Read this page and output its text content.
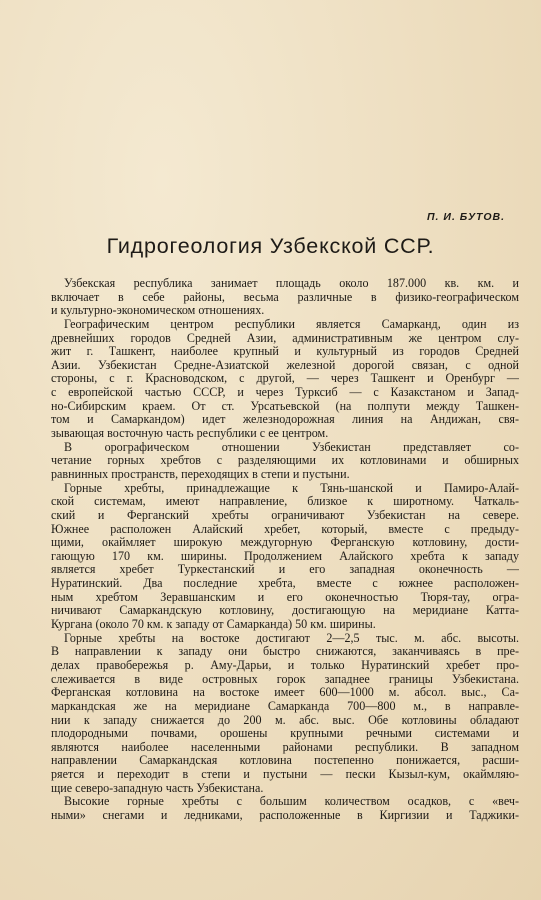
П. И. БУТОВ.
Гидрогеология Узбекской ССР.
Узбекская республика занимает площадь около 187.000 кв. км. и
включает в себе районы, весьма различные в физико-географическом
и культурно-экономическом отношениях.
Географическим центром республики является Самарканд, один из
древнейших городов Средней Азии, административным же центром слу-
жит г. Ташкент, наиболее крупный и культурный из городов Средней
Азии. Узбекистан Средне-Азиатской железной дорогой связан, с одной
стороны, с г. Красноводском, с другой, — через Ташкент и Оренбург —
с европейской частью СССР, и через Турксиб — с Казакстаном и Запад-
но-Сибирским краем. От ст. Урсатьевской (на полпути между Ташкен-
том и Самаркандом) идет железнодорожная линия на Андижан, свя-
зывающая восточную часть республики с ее центром.
В орографическом отношении Узбекистан представляет со-
четание горных хребтов с разделяющими их котловинами и обширных
равнинных пространств, переходящих в степи и пустыни.
Горные хребты, принадлежащие к Тянь-шанской и Памиро-Алай-
ской системам, имеют направление, близкое к широтному. Чаткаль-
ский и Ферганский хребты ограничивают Узбекистан на севере.
Южнее расположен Алайский хребет, который, вместе с предыду-
щими, окаймляет широкую междугорную Ферганскую котловину, дости-
гающую 170 км. ширины. Продолжением Алайского хребта к западу
является хребет Туркестанский и его западная оконечность —
Нуратинский. Два последние хребта, вместе с южнее расположен-
ным хребтом Зеравшанским и его оконечностью Тюря-тау, огра-
ничивают Самаркандскую котловину, достигающую на меридиане Катта-
Кургана (около 70 км. к западу от Самарканда) 50 км. ширины.
Горные хребты на востоке достигают 2—2,5 тыс. м. абс. высоты.
В направлении к западу они быстро снижаются, заканчиваясь в пре-
делах правобережья р. Аму-Дарьи, и только Нуратинский хребет про-
слеживается в виде островных горок западнее границы Узбекистана.
Ферганская котловина на востоке имеет 600—1000 м. абсол. выс., Са-
маркандская же на меридиане Самарканда 700—800 м., в направле-
нии к западу снижается до 200 м. абс. выс. Обе котловины обладают
плодородными почвами, орошены крупными речными системами и
являются наиболее населенными районами республики. В западном
направлении Самаркандская котловина постепенно понижается, расши-
ряется и переходит в степи и пустыни — пески Кызыл-кум, окаймляю-
щие северо-западную часть Узбекистана.
Высокие горные хребты с большим количеством осадков, с «веч-
ными» снегами и ледниками, расположенные в Киргизии и Таджики-
